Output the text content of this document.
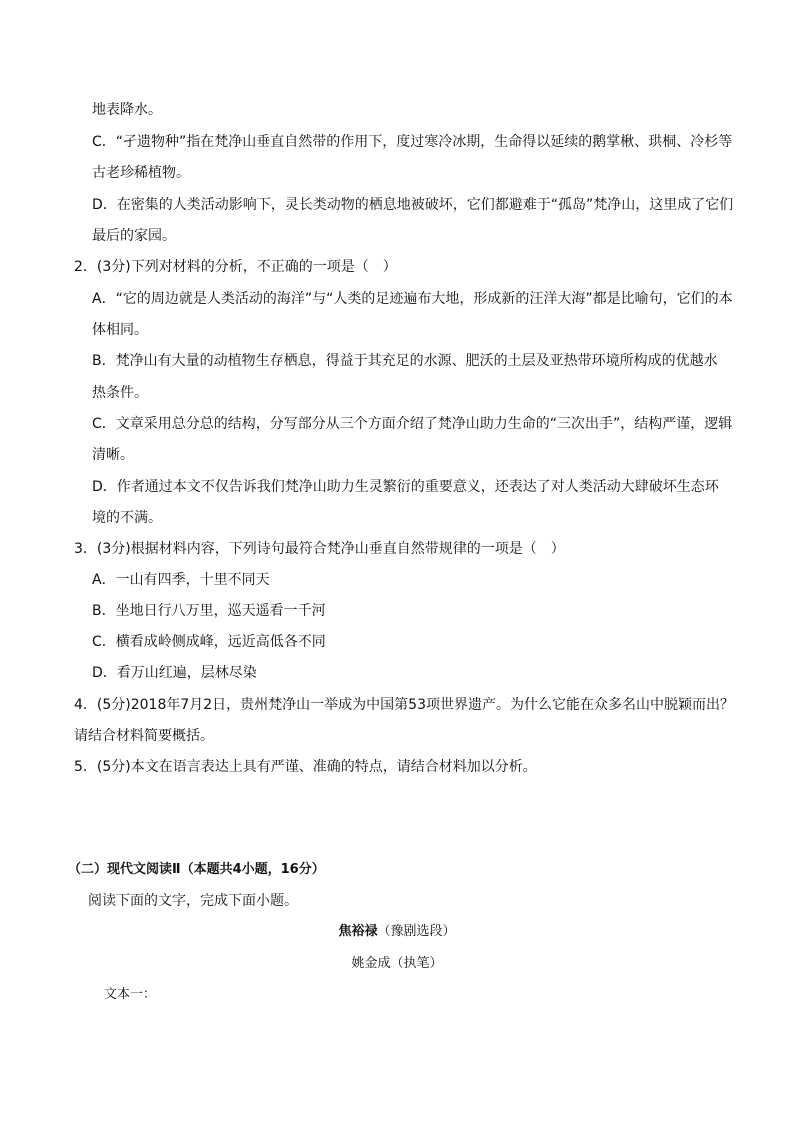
地表降水。
C．“孑遗物种”指在梵净山垂直自然带的作用下，度过寒冷冰期，生命得以延续的鹅掌楸、珙桐、冷杉等
古老珍稀植物。
D．在密集的人类活动影响下，灵长类动物的栖息地被破坏，它们都避难于“孤岛”梵净山，这里成了它们
最后的家园。
2．(3分)下列对材料的分析，不正确的一项是（　）
A．“它的周边就是人类活动的海洋”与“人类的足迹遍布大地，形成新的汪洋大海”都是比喻句，它们的本
体相同。
B．梵净山有大量的动植物生存栖息，得益于其充足的水源、肥沃的土层及亚热带环境所构成的优越水
热条件。
C．文章采用总分总的结构，分写部分从三个方面介绍了梵净山助力生命的“三次出手”，结构严谨，逻辑
清晰。
D．作者通过本文不仅告诉我们梵净山助力生灵繁衍的重要意义，还表达了对人类活动大肆破坏生态环
境的不满。
3．(3分)根据材料内容，下列诗句最符合梵净山垂直自然带规律的一项是（　）
A．一山有四季，十里不同天
B．坐地日行八万里，巡天遥看一千河
C．横看成岭侧成峰，远近高低各不同
D．看万山红遍，层林尽染
4．(5分)2018年7月2日，贵州梵净山一举成为中国第53项世界遗产。为什么它能在众多名山中脱颖而出？
请结合材料简要概括。
5．(5分)本文在语言表达上具有严谨、准确的特点，请结合材料加以分析。
（二）现代文阅读Ⅱ（本题共4小题，16分）
阅读下面的文字，完成下面小题。
焦裕禄（豫剧选段）
姚金成（执笔）
文本一：
